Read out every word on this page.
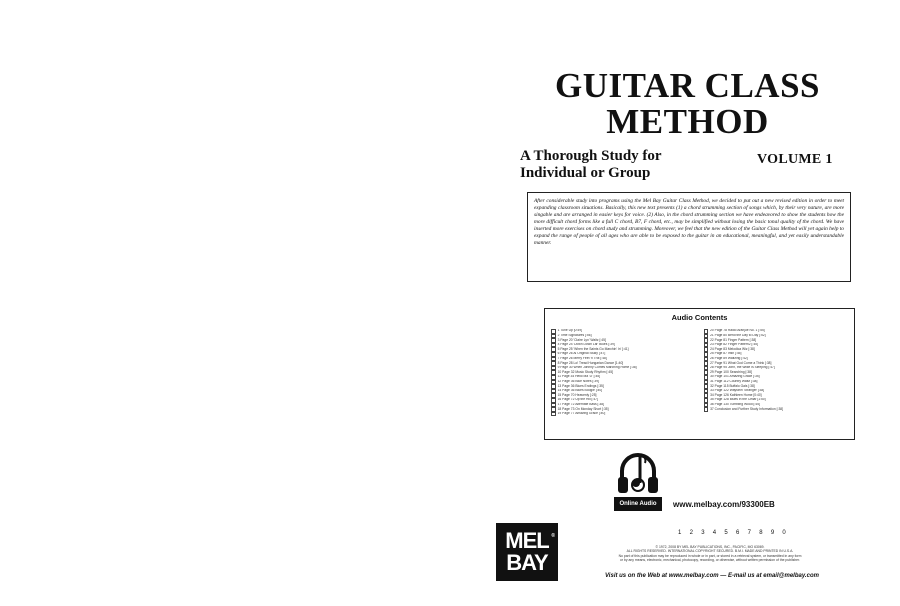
GUITAR CLASS
METHOD
A Thorough Study for
Individual or Group
VOLUME 1
After considerable study into programs using the Mel Bay Guitar Class Method, we decided to put out a new revised edition in order to meet expanding classroom situations. Basically, this new text presents (1) a chord strumming section of songs which, by their very nature, are more singable and are arranged in easier keys for voice. (2) Also, in the chord strumming section we have endeavored to show the students how the more difficult chord forms like a full C chord, B7, F chord, etc., may be simplified without losing the basic tonal quality of the chord. We have inserted more exercises on chord study and strumming. Moreover, we feel that the new edition of the Guitar Class Method will yet again help to expand the range of people of all ages who are able to be exposed to the guitar in an educational, meaningful, and yet easily understandable manner.
Audio Contents
1 Tune Up [0:49]
2 Time Signatures [:56]
3 Page 20 'Claire Lyn' Waltz [:45]
4 Page 24 'Down Down Lar' Blues [:39]
5 Page 25 'When the Saints Go Marchin' In' [:41]
6 Page 26 Al Original Study [:47]
7 Page 26 Merry Feet 'n Trot [:48]
8 Page 28 Lo! Tread Hungarian Dance [1:40]
9 Page 30 When Johnny Comes Marching Home [:38]
10 Page 32 Music Study Rhythm [:45]
11 Page 34 Hello Ma 'D' [:45]
12 Page 36 Blue Notes [:39]
13 Page 36 Blues Endings [:35]
14 Page 36 Blues Boogie [:40]
15 Page 70 Heavenly [:25]
16 Page 72 Up the Hill [:47]
17 Page 72 Alternate Bass [:38]
18 Page 73 On Monday Short [:35]
19 Page 77 Amazing Grace [:40]
20 Page 78 Radio Aranjue No. 1 [:55]
21 Page 80 Bend the Day to Day [:52]
22 Page 81 Finger Pattern [:38]
23 Page 82 Finger Pattern2 [:45]
24 Page 83 Melodica Wiz [:38]
25 Page 87 Irish [:45]
26 Page 89 Waltzing [:42]
27 Page 91 What God Come a Think [:38]
28 Page 95 John, the Willie Is Sleeping [:47]
29 Page 100 Searching [:38]
30 Page 101 Amazing Grace [:35]
31 Page 112 Country Waltz [:38]
32 Page 115 Buffalo Gals [:38]
33 Page 122 Wayfarin' Stranger [:38]
34 Page 126 Kathleen Home [0:40]
35 Page 128 Blues in the Cellar [1:50]
36 Page 130 Tumbling Wood [:45]
37 Conclusion and Further Study Information [:38]
Online Audio	www.melbay.com/93300EB
MEL
BAY
®	1 2 3 4 5 6 7 8 9 0
© 1972, 2008 BY MEL BAY PUBLICATIONS, INC., PACIFIC, MO 63069.
ALL RIGHTS RESERVED. INTERNATIONAL COPYRIGHT SECURED. B.M.I. MADE AND PRINTED IN U.S.A.
No part of this publication may be reproduced in whole or in part, or stored in a retrieval system, or transmitted in any form
or by any means, electronic, mechanical, photocopy, recording, or otherwise, without written permission of the publisher.
Visit us on the Web at www.melbay.com — E-mail us at email@melbay.com
